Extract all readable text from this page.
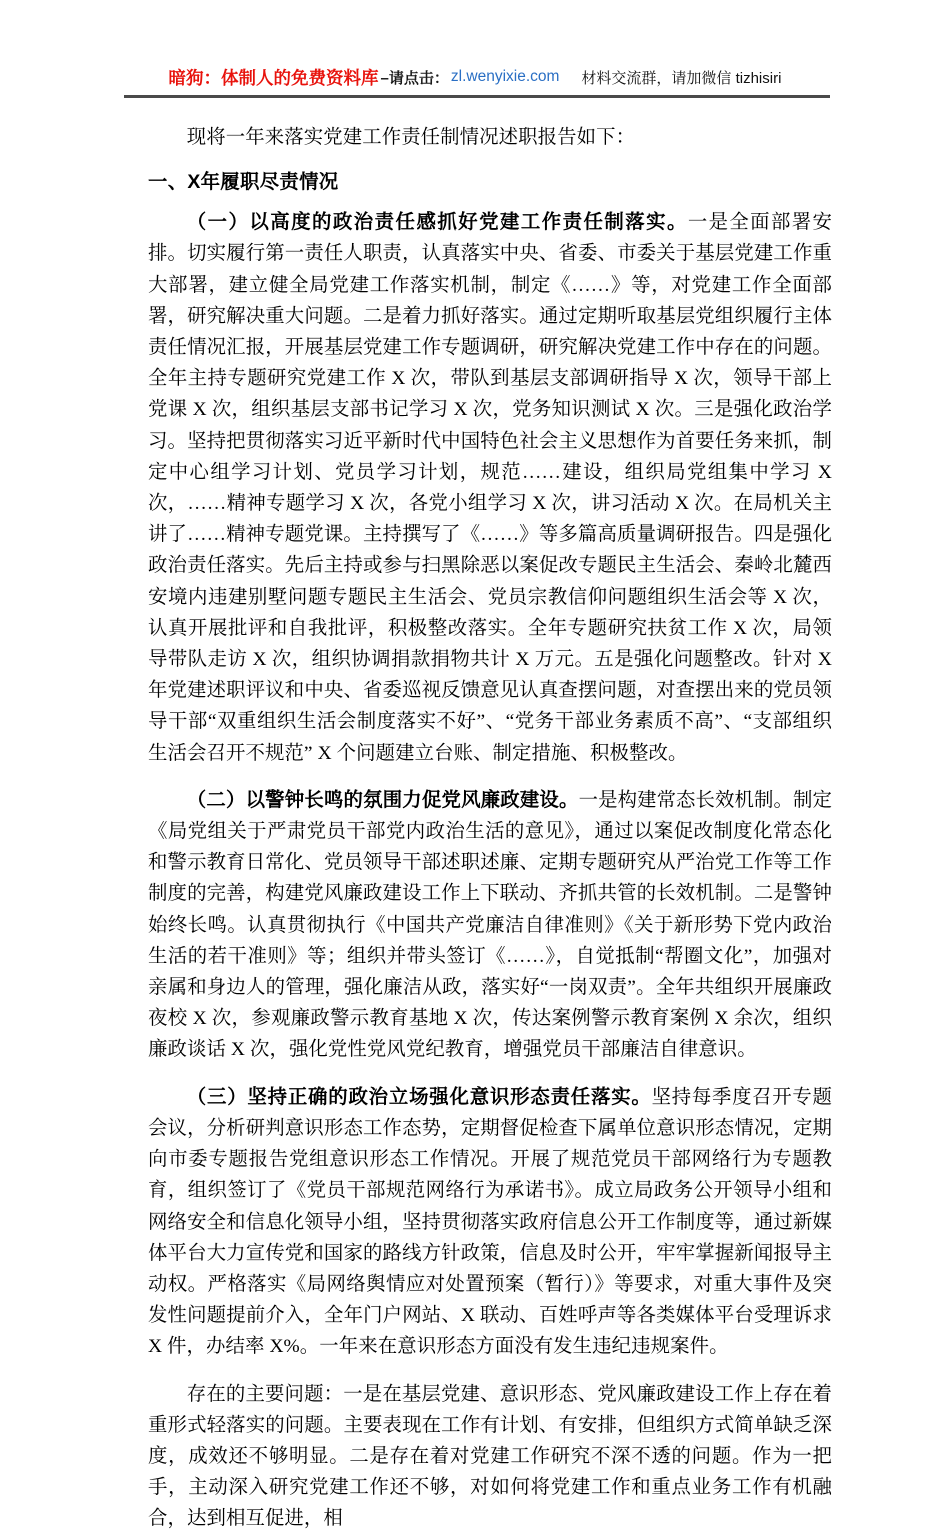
暗狗：体制人的免费资料库 –请点击： zl.wenyixie.com 材料交流群，请加微信 tizhisiri

现将一年来落实党建工作责任制情况述职报告如下：

一、X年履职尽责情况

（一）以高度的政治责任感抓好党建工作责任制落实。一是全面部署安排。切实履行第一责任人职责，认真落实中央、省委、市委关于基层党建工作重大部署，建立健全局党建工作落实机制，制定《……》等，对党建工作全面部署，研究解决重大问题。二是着力抓好落实。通过定期听取基层党组织履行主体责任情况汇报，开展基层党建工作专题调研，研究解决党建工作中存在的问题。全年主持专题研究党建工作 X 次，带队到基层支部调研指导 X 次，领导干部上党课 X 次，组织基层支部书记学习 X 次，党务知识测试 X 次。三是强化政治学习。坚持把贯彻落实习近平新时代中国特色社会主义思想作为首要任务来抓，制定中心组学习计划、党员学习计划，规范……建设，组织局党组集中学习 X 次，……精神专题学习 X 次，各党小组学习 X 次，讲习活动 X 次。在局机关主讲了……精神专题党课。主持撰写了《……》等多篇高质量调研报告。四是强化政治责任落实。先后主持或参与扫黑除恶以案促改专题民主生活会、秦岭北麓西安境内违建别墅问题专题民主生活会、党员宗教信仰问题组织生活会等 X 次，认真开展批评和自我批评，积极整改落实。全年专题研究扶贫工作 X 次，局领导带队走访 X 次，组织协调捐款捐物共计 X 万元。五是强化问题整改。针对 X 年党建述职评议和中央、省委巡视反馈意见认真查摆问题，对查摆出来的党员领导干部“双重组织生活会制度落实不好”、“党务干部业务素质不高”、“支部组织生活会召开不规范” X 个问题建立台账、制定措施、积极整改。

（二）以警钟长鸣的氛围力促党风廉政建设。一是构建常态长效机制。制定《局党组关于严肃党员干部党内政治生活的意见》，通过以案促改制度化常态化和警示教育日常化、党员领导干部述职述廉、定期专题研究从严治党工作等工作制度的完善，构建党风廉政建设工作上下联动、齐抓共管的长效机制。二是警钟始终长鸣。认真贯彻执行《中国共产党廉洁自律准则》《关于新形势下党内政治生活的若干准则》等；组织并带头签订《……》，自觉抵制“帮圈文化”，加强对亲属和身边人的管理，强化廉洁从政，落实好“一岗双责”。全年共组织开展廉政夜校 X 次，参观廉政警示教育基地 X 次，传达案例警示教育案例 X 余次，组织廉政谈话 X 次，强化党性党风党纪教育，增强党员干部廉洁自律意识。

（三）坚持正确的政治立场强化意识形态责任落实。坚持每季度召开专题会议，分析研判意识形态工作态势，定期督促检查下属单位意识形态情况，定期向市委专题报告党组意识形态工作情况。开展了规范党员干部网络行为专题教育，组织签订了《党员干部规范网络行为承诺书》。成立局政务公开领导小组和网络安全和信息化领导小组，坚持贯彻落实政府信息公开工作制度等，通过新媒体平台大力宣传党和国家的路线方针政策，信息及时公开，牢牢掌握新闻报导主动权。严格落实《局网络舆情应对处置预案（暂行）》等要求，对重大事件及突发性问题提前介入，全年门户网站、X 联动、百姓呼声等各类媒体平台受理诉求 X 件，办结率 X%。一年来在意识形态方面没有发生违纪违规案件。

存在的主要问题：一是在基层党建、意识形态、党风廉政建设工作上存在着重形式轻落实的问题。主要表现在工作有计划、有安排，但组织方式简单缺乏深度，成效还不够明显。二是存在着对党建工作研究不深不透的问题。作为一把手，主动深入研究党建工作还不够，对如何将党建工作和重点业务工作有机融合，达到相互促进，相
